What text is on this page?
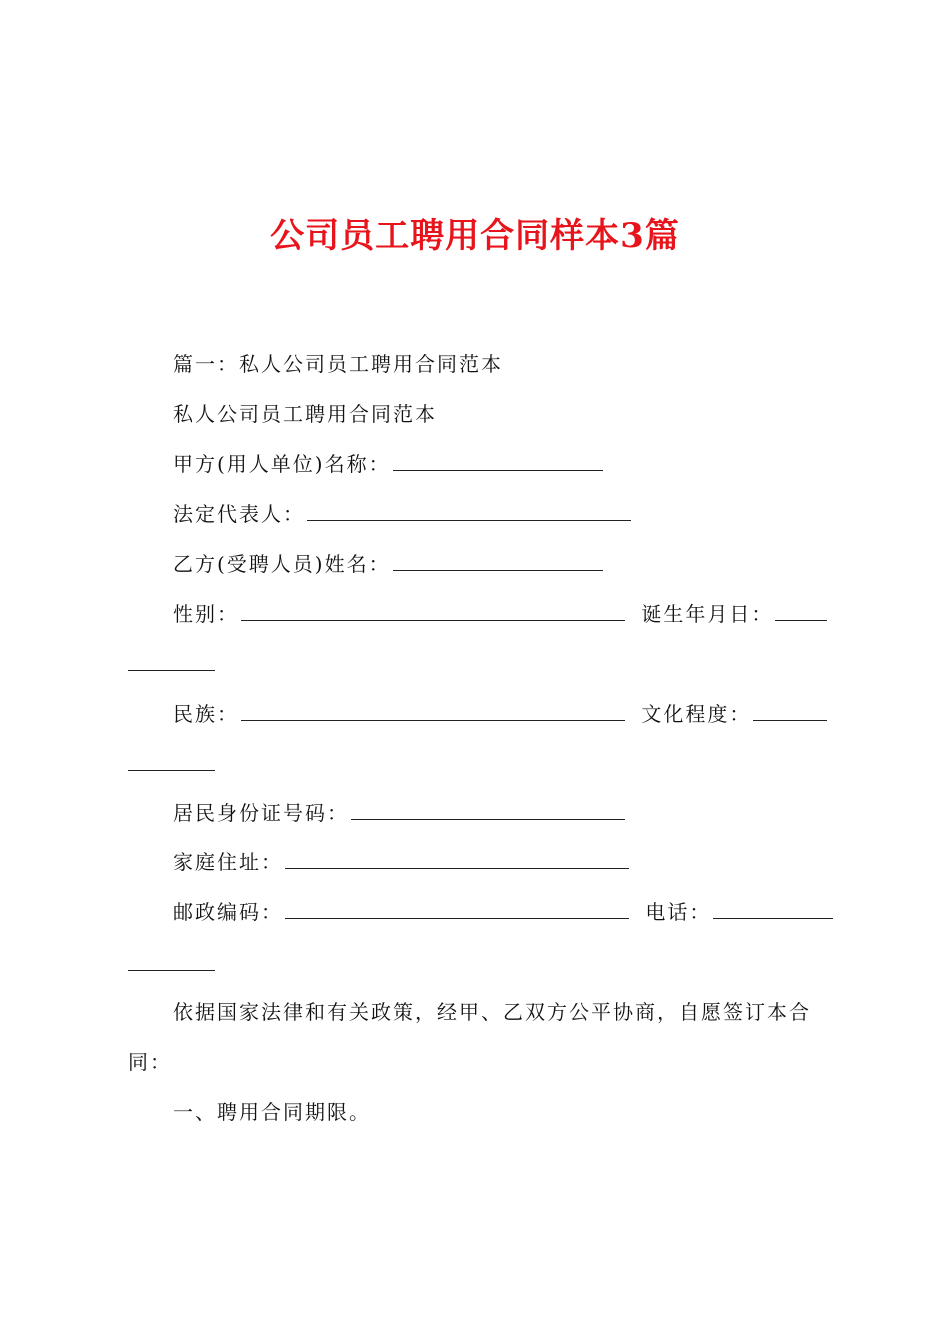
公司员工聘用合同样本3篇
篇一：私人公司员工聘用合同范本
私人公司员工聘用合同范本
甲方(用人单位)名称：
法定代表人：
乙方(受聘人员)姓名：
性别：	诞生年月日：
民族：	文化程度：
居民身份证号码：
家庭住址：
邮政编码：	电话：
依据国家法律和有关政策，经甲、乙双方公平协商，自愿签订本合
同：
一、聘用合同期限。
